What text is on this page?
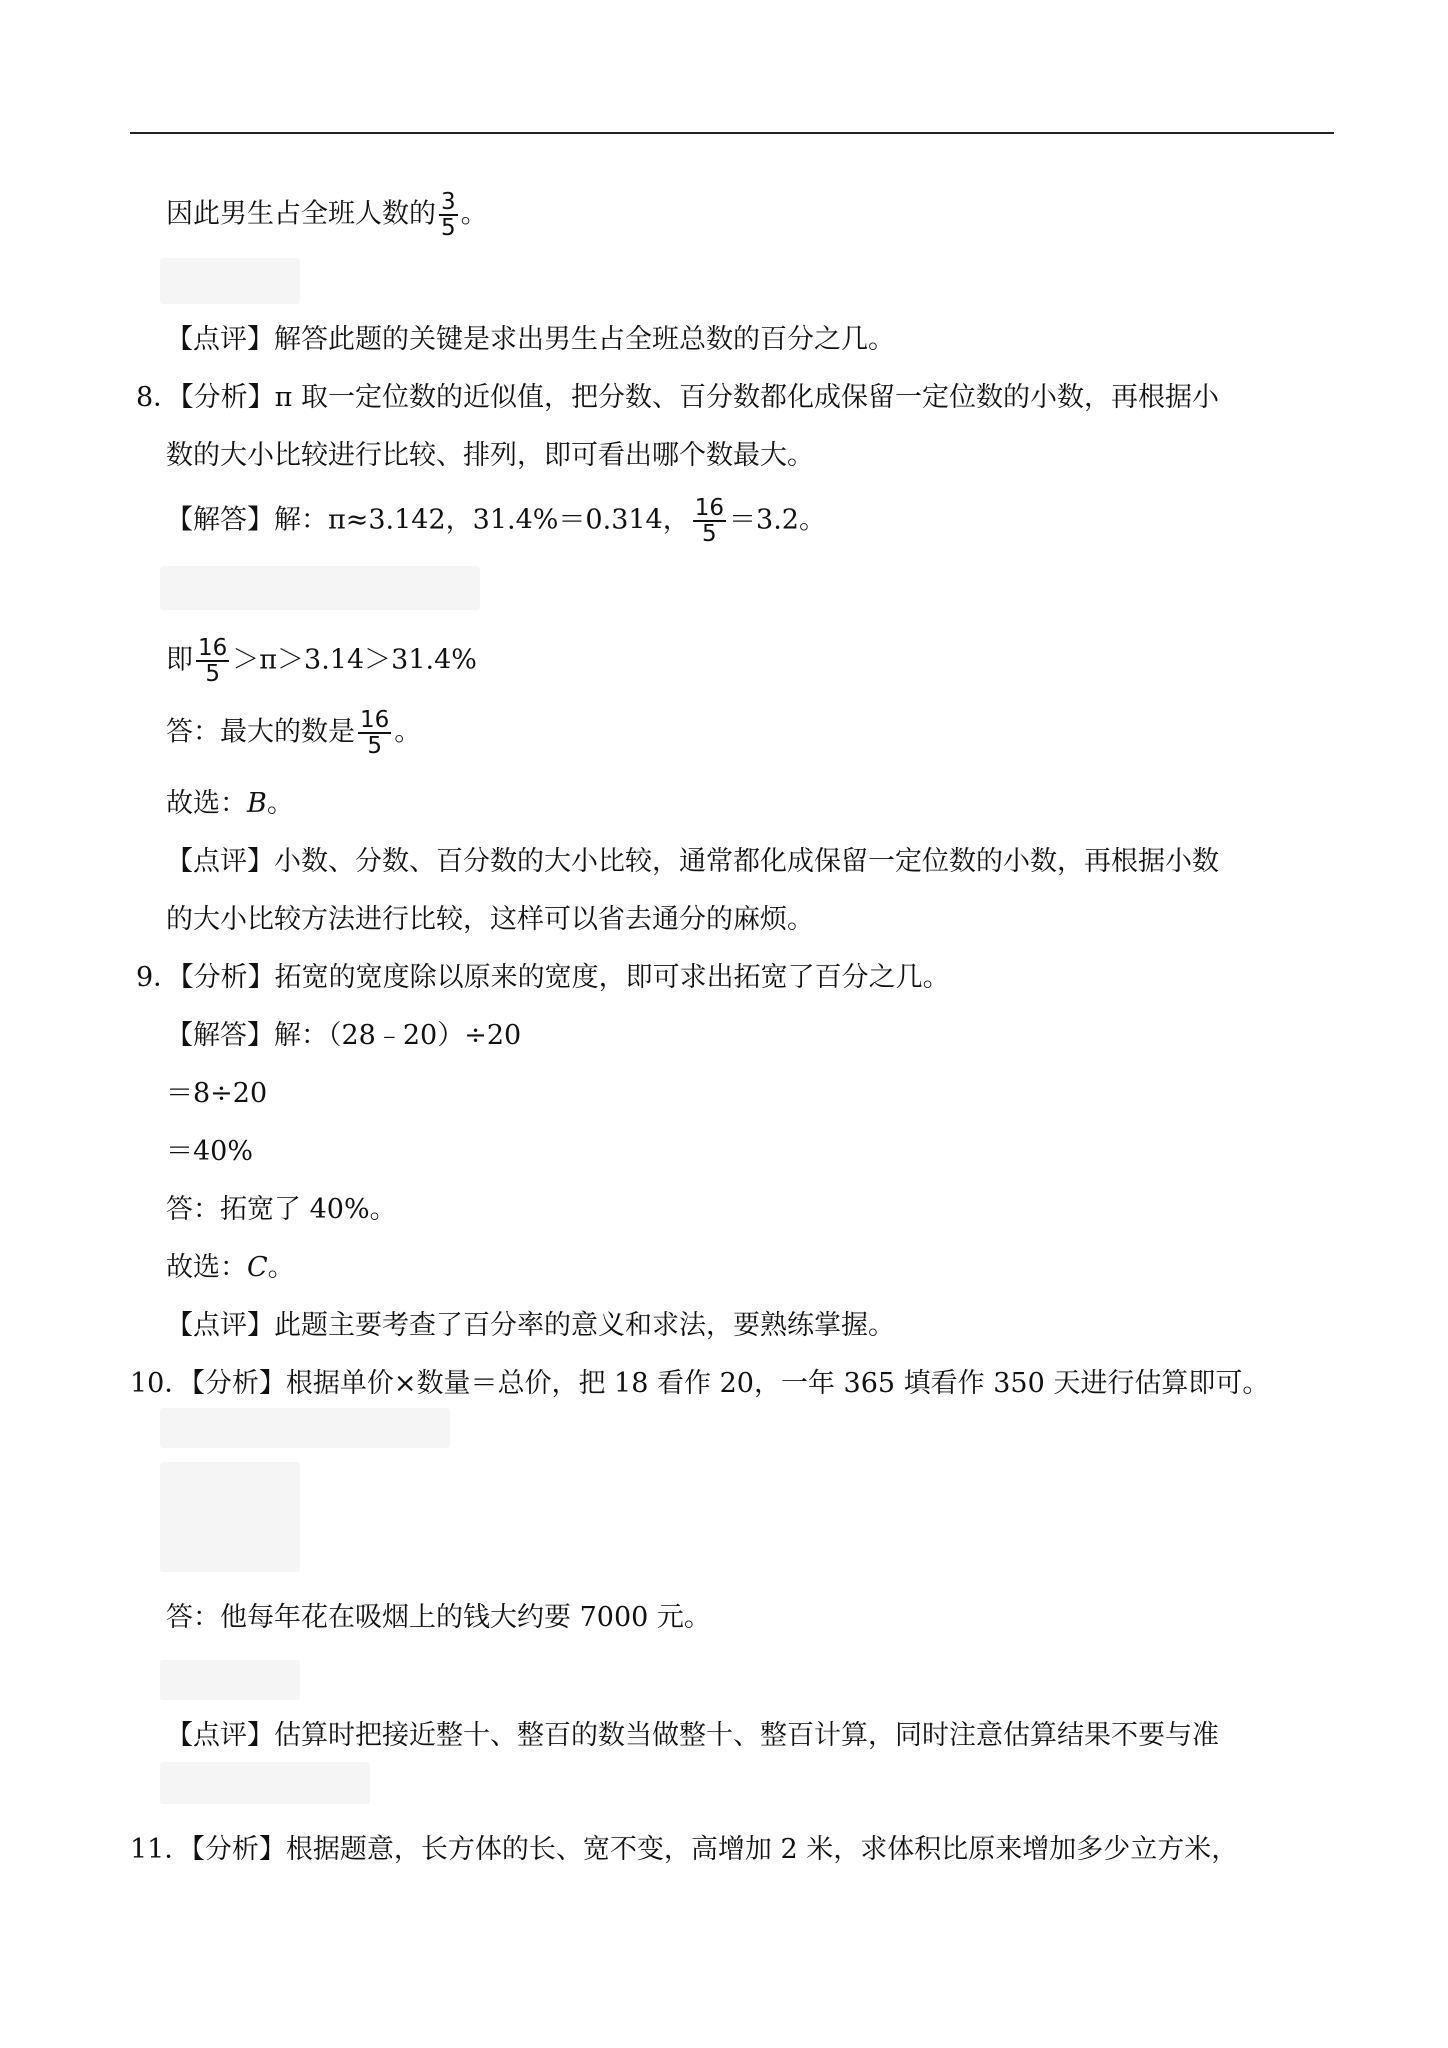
因此男生占全班人数的 $\frac{3}{5}$ 。
【点评】解答此题的关键是求出男生占全班总数的百分之几。
8．【分析】π 取一定位数的近似值，把分数、百分数都化成保留一定位数的小数，再根据小
数的大小比较进行比较、排列，即可看出哪个数最大。
【解答】解：π≈3.142，31.4%＝0.314， $\frac{16}{5} =3.2$。
即 $\frac{16}{5} >\pi>3.14>31.4\%$
答：最大的数是 $\frac{16}{5}$ 。
故选：B。
【点评】小数、分数、百分数的大小比较，通常都化成保留一定位数的小数，再根据小数
的大小比较方法进行比较，这样可以省去通分的麻烦。
9．【分析】拓宽的宽度除以原来的宽度，即可求出拓宽了百分之几。
【解答】解：（28﹣20）÷20
＝8÷20
＝40%
答：拓宽了 40%。
故选：C。
【点评】此题主要考查了百分率的意义和求法，要熟练掌握。
10．【分析】根据单价×数量＝总价，把 18 看作 20，一年 365 填看作 350 天进行估算即可。
答：他每年花在吸烟上的钱大约要 7000 元。
【点评】估算时把接近整十、整百的数当做整十、整百计算，同时注意估算结果不要与准
11．【分析】根据题意，长方体的长、宽不变，高增加 2 米，求体积比原来增加多少立方米，
